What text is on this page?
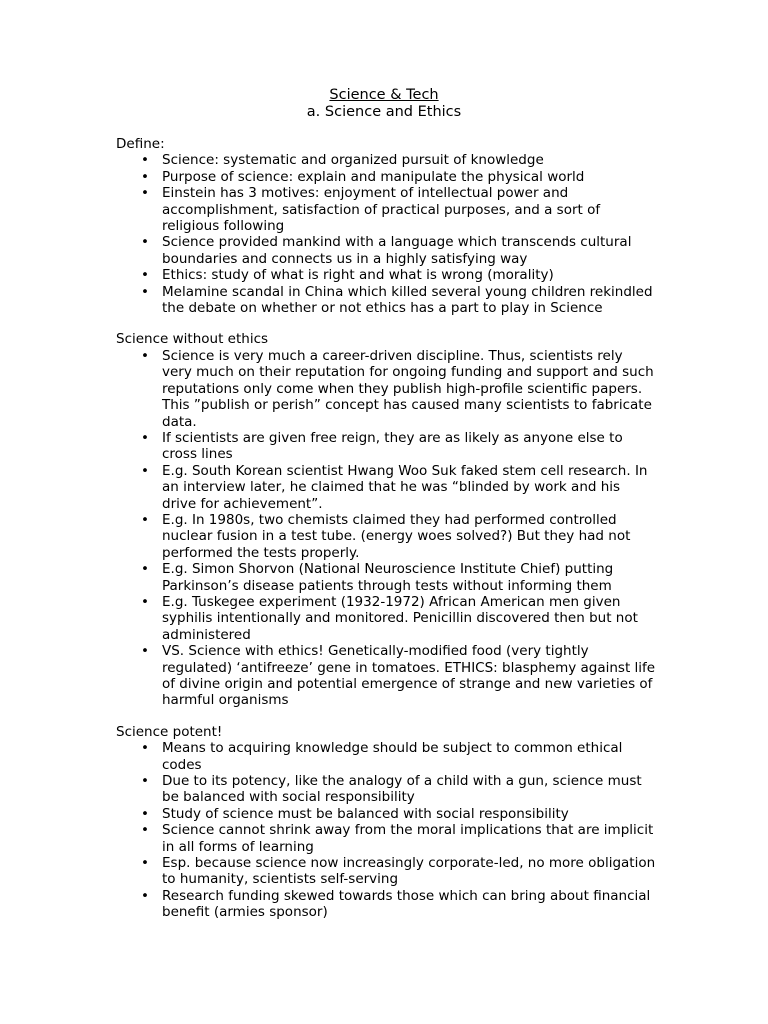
Science & Tech
a. Science and Ethics

Define:

• Science: systematic and organized pursuit of knowledge
• Purpose of science: explain and manipulate the physical world
• Einstein has 3 motives: enjoyment of intellectual power and accomplishment, satisfaction of practical purposes, and a sort of religious following
• Science provided mankind with a language which transcends cultural boundaries and connects us in a highly satisfying way
• Ethics: study of what is right and what is wrong (morality)
• Melamine scandal in China which killed several young children rekindled the debate on whether or not ethics has a part to play in Science

Science without ethics

• Science is very much a career-driven discipline. Thus, scientists rely very much on their reputation for ongoing funding and support and such reputations only come when they publish high-profile scientific papers. This ”publish or perish” concept has caused many scientists to fabricate data.
• If scientists are given free reign, they are as likely as anyone else to cross lines
• E.g. South Korean scientist Hwang Woo Suk faked stem cell research. In an interview later, he claimed that he was “blinded by work and his drive for achievement”.
• E.g. In 1980s, two chemists claimed they had performed controlled nuclear fusion in a test tube. (energy woes solved?) But they had not performed the tests properly.
• E.g. Simon Shorvon (National Neuroscience Institute Chief) putting Parkinson’s disease patients through tests without informing them
• E.g. Tuskegee experiment (1932-1972) African American men given syphilis intentionally and monitored. Penicillin discovered then but not administered
• VS. Science with ethics! Genetically-modified food (very tightly regulated) ‘antifreeze’ gene in tomatoes. ETHICS: blasphemy against life of divine origin and potential emergence of strange and new varieties of harmful organisms

Science potent!

• Means to acquiring knowledge should be subject to common ethical codes
• Due to its potency, like the analogy of a child with a gun, science must be balanced with social responsibility
• Study of science must be balanced with social responsibility
• Science cannot shrink away from the moral implications that are implicit in all forms of learning
• Esp. because science now increasingly corporate-led, no more obligation to humanity, scientists self-serving
• Research funding skewed towards those which can bring about financial benefit (armies sponsor)
